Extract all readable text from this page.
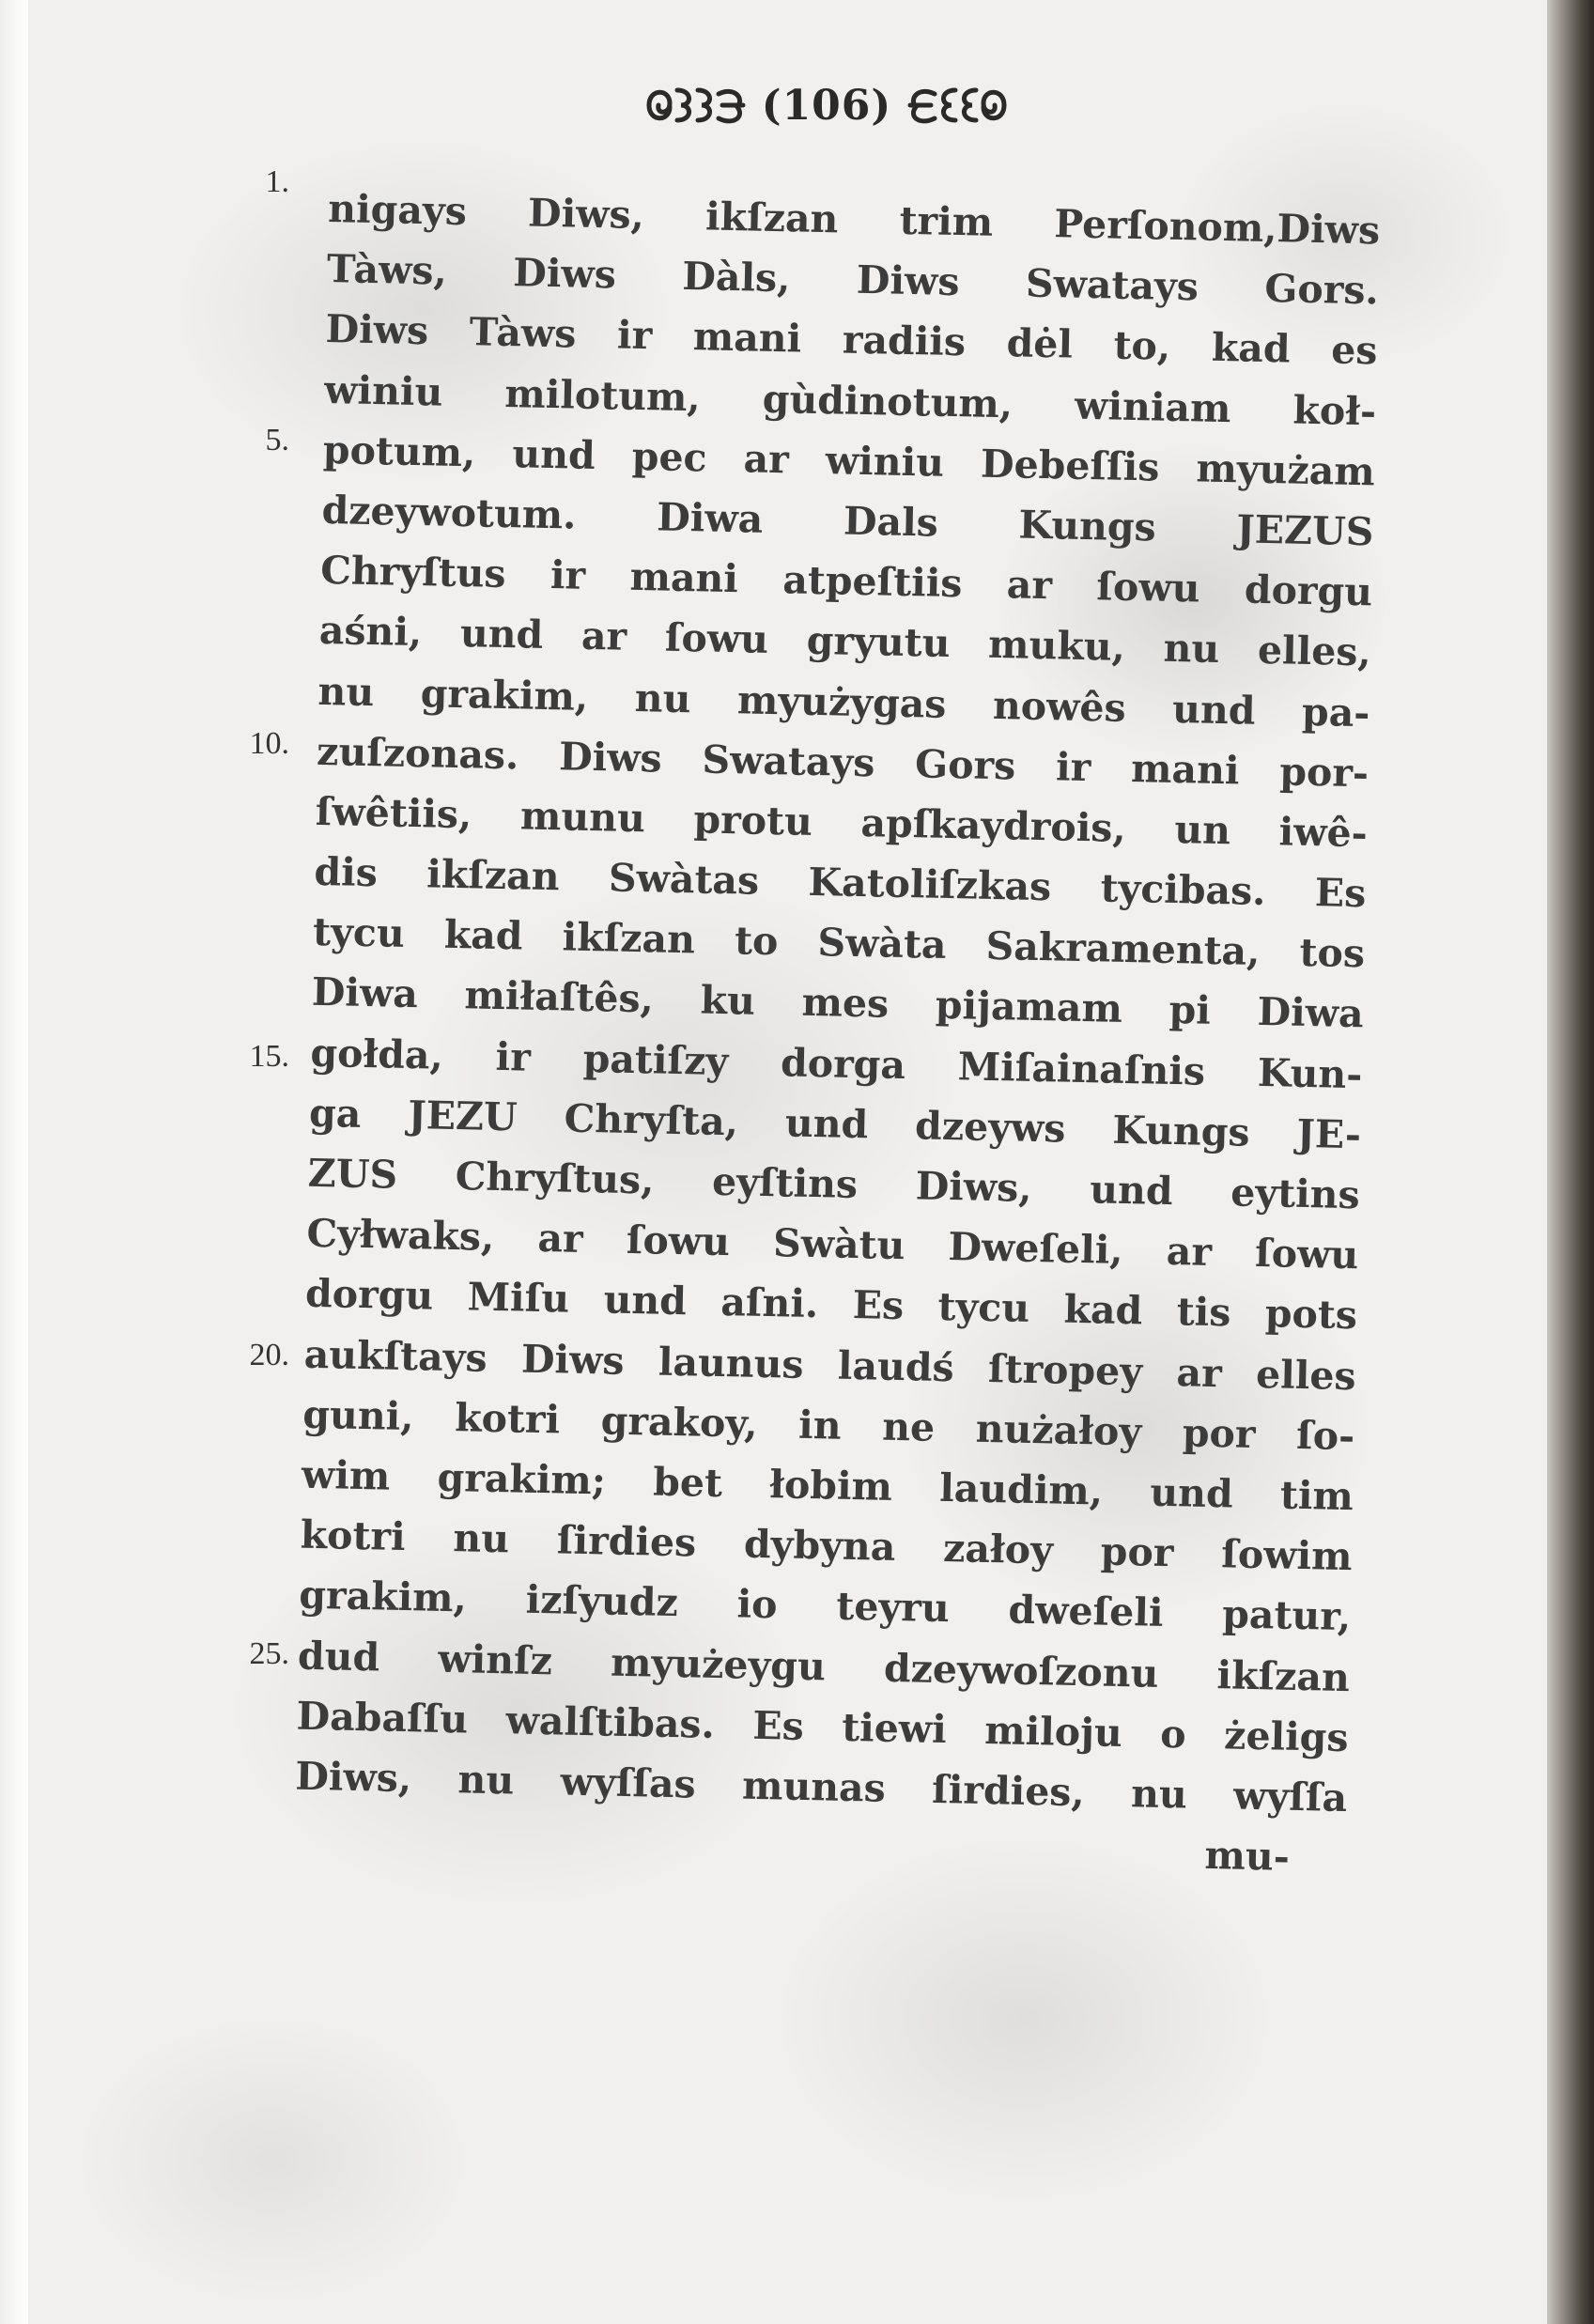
(106)
1.
5.
10.
15.
20.
25.
nigays Diws, ikſzan trim Perſonom,Diws
Tàws, Diws Dàls, Diws Swatays Gors.
Diws Tàws ir mani radiis dėl to, kad es
winiu milotum, gùdinotum, winiam koł-
potum, und pec ar winiu Debeſſis myużam
dzeywotum. Diwa Dals Kungs JEZUS
Chryſtus ir mani atpeſtiis ar ſowu dorgu
aśni, und ar ſowu gryutu muku, nu elles,
nu grakim, nu myużygas nowês und pa-
zuſzonas. Diws Swatays Gors ir mani por-
ſwêtiis, munu protu apſkaydrois, un iwê-
dis ikſzan Swàtas Katoliſzkas tycibas. Es
tycu kad ikſzan to Swàta Sakramenta, tos
Diwa miłaſtês, ku mes pijamam pi Diwa
gołda, ir patiſzy dorga Miſainaſnis Kun-
ga JEZU Chryſta, und dzeyws Kungs JE-
ZUS Chryſtus, eyſtins Diws, und eytins
Cyłwaks, ar ſowu Swàtu Dweſeli, ar ſowu
dorgu Miſu und aſni. Es tycu kad tis pots
aukſtays Diws launus laudś ſtropey ar elles
guni, kotri grakoy, in ne nużałoy por ſo-
wim grakim; bet łobim laudim, und tim
kotri nu ſirdies dybyna załoy por ſowim
grakim, izſyudz io teyru dweſeli patur,
dud winſz myużeygu dzeywoſzonu ikſzan
Dabaſſu walſtibas. Es tiewi miloju o żeligs
Diws, nu wyſſas munas ſirdies, nu wyſſa
mu-
